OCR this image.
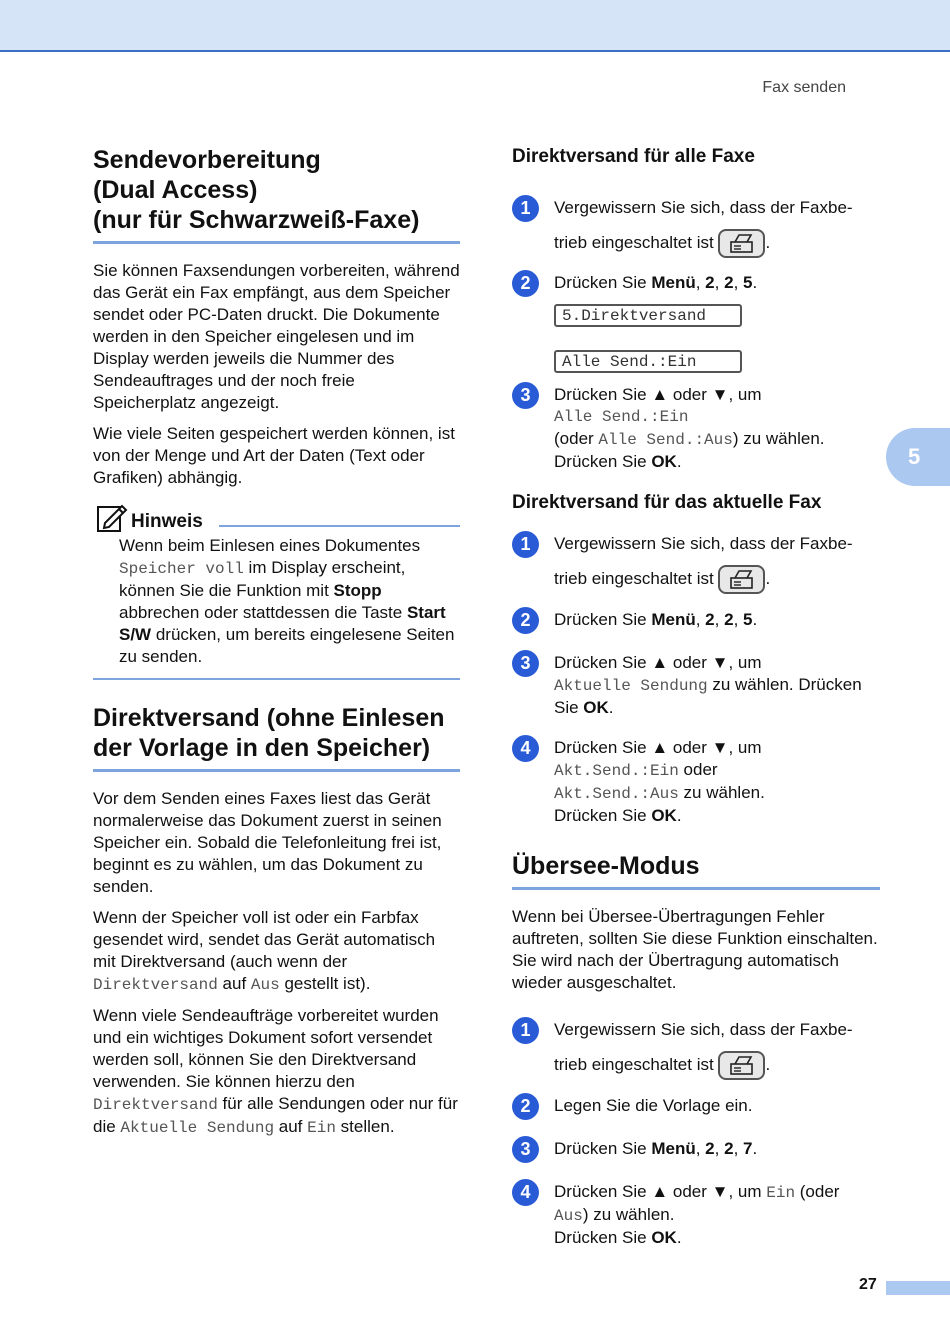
Fax senden
5
27
Sendevorbereitung
(Dual Access)
(nur für Schwarzweiß-Faxe)

Sie können Faxsendungen vorbereiten, während das Gerät ein Fax empfängt, aus dem Speicher sendet oder PC-Daten druckt. Die Dokumente werden in den Speicher eingelesen und im Display werden jeweils die Nummer des Sendeauftrages und der noch freie Speicherplatz angezeigt.

Wie viele Seiten gespeichert werden können, ist von der Menge und Art der Daten (Text oder Grafiken) abhängig.

Hinweis

Wenn beim Einlesen eines Dokumentes
Speicher voll im Display erscheint, können Sie die Funktion mit Stopp abbrechen oder stattdessen die Taste Start S/W drücken, um bereits eingelesene Seiten zu senden.

Direktversand (ohne Einlesen
der Vorlage in den Speicher)

Vor dem Senden eines Faxes liest das Gerät normalerweise das Dokument zuerst in seinen Speicher ein. Sobald die Telefonleitung frei ist, beginnt es zu wählen, um das Dokument zu senden.

Wenn der Speicher voll ist oder ein Farbfax gesendet wird, sendet das Gerät automatisch mit Direktversand (auch wenn der Direktversand auf Aus gestellt ist).

Wenn viele Sendeaufträge vorbereitet wurden und ein wichtiges Dokument sofort versendet werden soll, können Sie den Direktversand verwenden. Sie können hierzu den Direktversand für alle Sendungen oder nur für die Aktuelle Sendung auf Ein stellen.

Direktversand für alle Faxe
1	Vergewissern Sie sich, dass der Faxbe-

trieb eingeschaltet ist	.

2	Drücken Sie Menü, 2, 2, 5.

5.Direktversand
Alle Send.:Ein
3	Drücken Sie ▲ oder ▼, um

Alle Send.:Ein

(oder Alle Send.:Aus) zu wählen.

Drücken Sie OK.

Direktversand für das aktuelle Fax
1	Vergewissern Sie sich, dass der Faxbe-

trieb eingeschaltet ist	.

2	Drücken Sie Menü, 2, 2, 5.

3	Drücken Sie ▲ oder ▼, um

Aktuelle Sendung zu wählen. Drücken Sie OK.

4	Drücken Sie ▲ oder ▼, um

Akt.Send.:Ein oder

Akt.Send.:Aus zu wählen.

Drücken Sie OK.

Übersee-Modus

Wenn bei Übersee-Übertragungen Fehler auftreten, sollten Sie diese Funktion einschalten. Sie wird nach der Übertragung automatisch wieder ausgeschaltet.

1	Vergewissern Sie sich, dass der Faxbe-

trieb eingeschaltet ist	.

2	Legen Sie die Vorlage ein.

3	Drücken Sie Menü, 2, 2, 7.

4	Drücken Sie ▲ oder ▼, um Ein (oder

Aus) zu wählen.

Drücken Sie OK.
